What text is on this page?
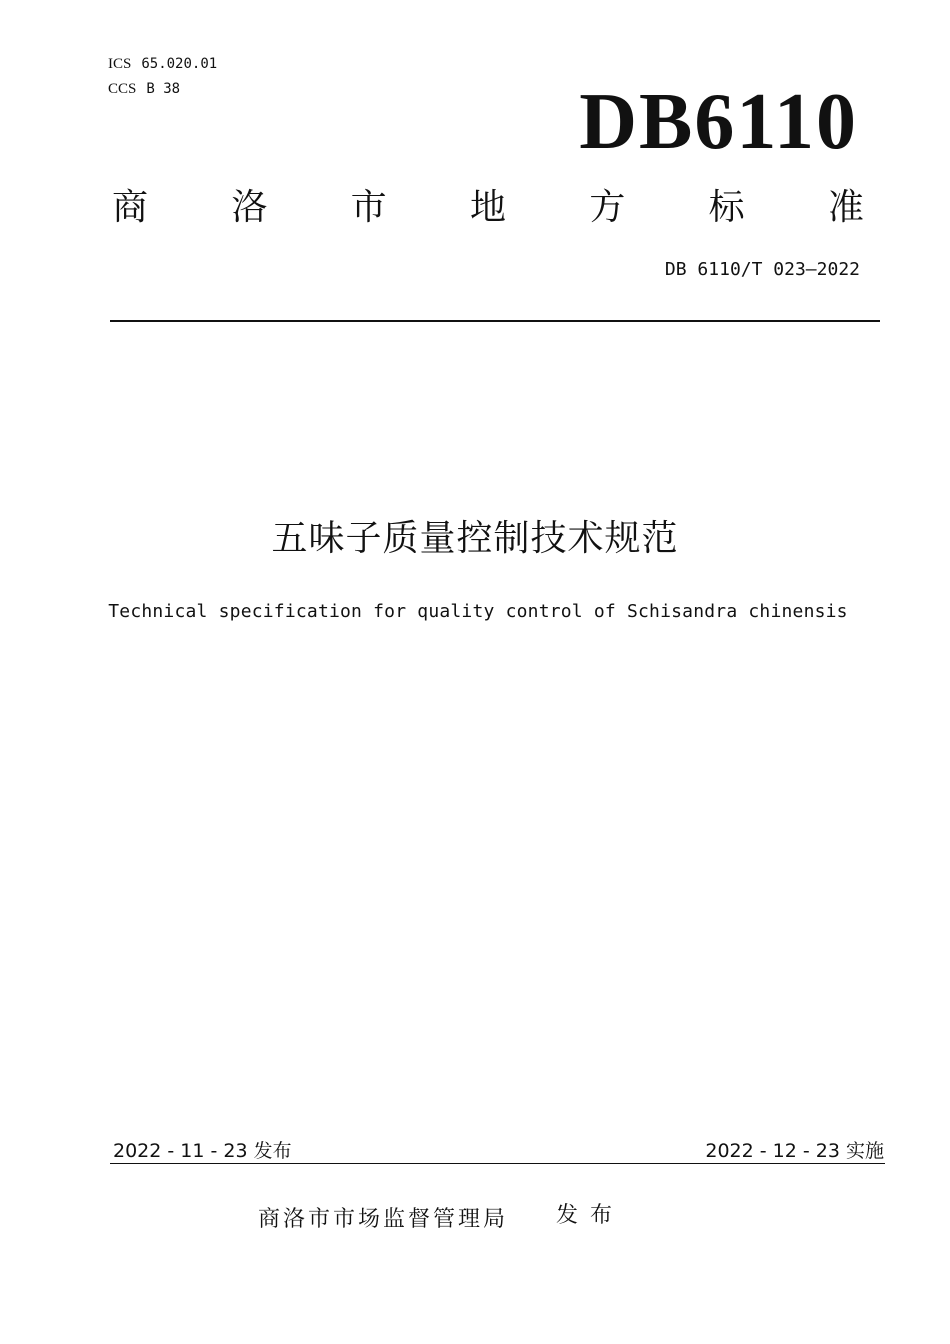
ICS 65.020.01
CCS B 38	DB6110
商 洛 市 地 方 标 准
DB 6110/T 023—2022
五味子质量控制技术规范
Technical specification for quality control of Schisandra chinensis
2022 - 11 - 23 发布	2022 - 12 - 23 实施
商洛市市场监督管理局 发布
